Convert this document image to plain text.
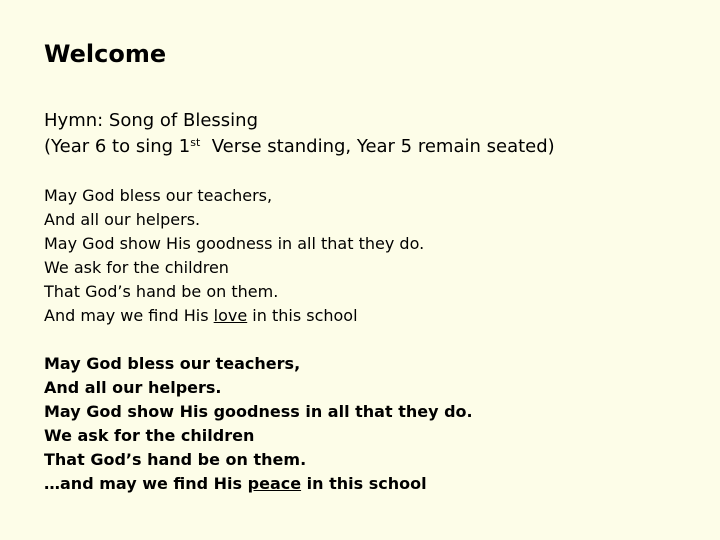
Welcome
Hymn: Song of Blessing
(Year 6 to sing 1st  Verse standing, Year 5 remain seated)
May God bless our teachers,
And all our helpers.
May God show His goodness in all that they do.
We ask for the children
That God’s hand be on them.
And may we find His love in this school
May God bless our teachers,
And all our helpers.
May God show His goodness in all that they do.
We ask for the children
That God’s hand be on them.
…and may we find His peace in this school
